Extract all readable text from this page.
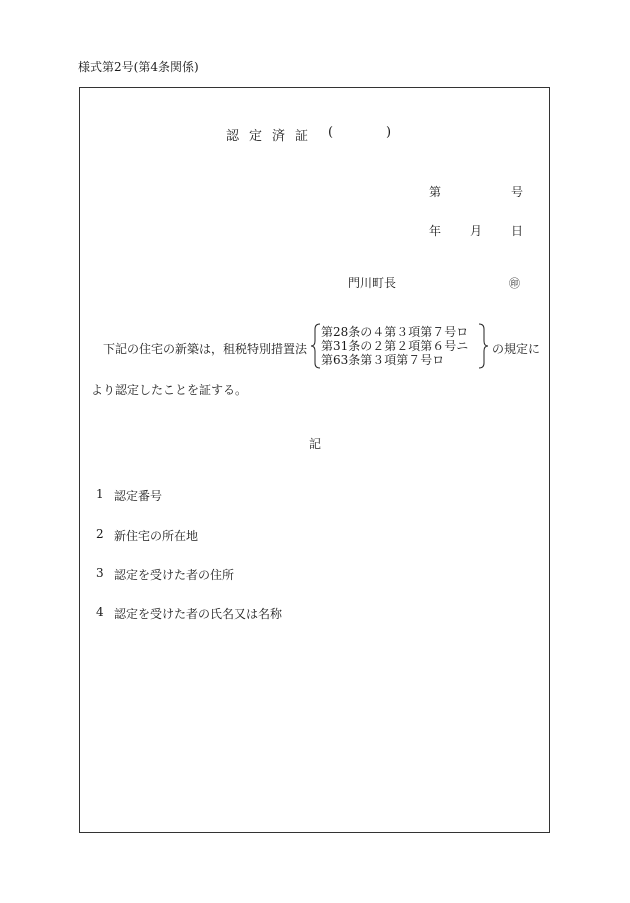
様式第2号(第4条関係)
認定済証 (	)
第	号
年 月 日
門川町長	㊞
下記の住宅の新築は，租税特別措置法
第28条の４第３項第７号ロ
第31条の２第２項第６号ニ
第63条第３項第７号ロ
の規定に
より認定したことを証する。
記
1 認定番号
2 新住宅の所在地
3 認定を受けた者の住所
4 認定を受けた者の氏名又は名称
